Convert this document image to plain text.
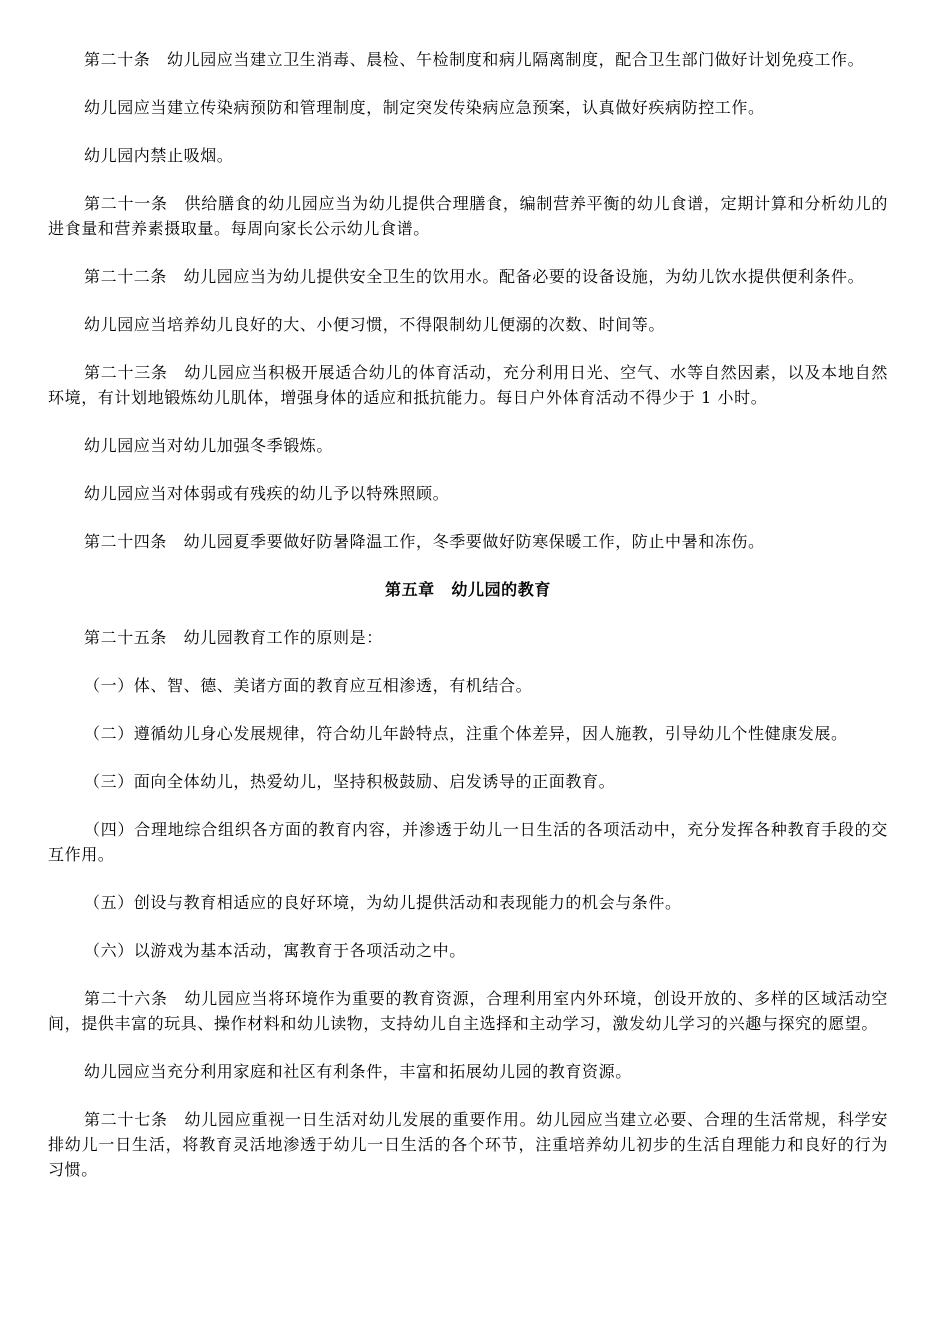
第二十条　幼儿园应当建立卫生消毒、晨检、午检制度和病儿隔离制度，配合卫生部门做好计划免疫工作。

幼儿园应当建立传染病预防和管理制度，制定突发传染病应急预案，认真做好疾病防控工作。

幼儿园内禁止吸烟。

第二十一条　供给膳食的幼儿园应当为幼儿提供合理膳食，编制营养平衡的幼儿食谱，定期计算和分析幼儿的进食量和营养素摄取量。每周向家长公示幼儿食谱。

第二十二条　幼儿园应当为幼儿提供安全卫生的饮用水。配备必要的设备设施，为幼儿饮水提供便利条件。

幼儿园应当培养幼儿良好的大、小便习惯，不得限制幼儿便溺的次数、时间等。

第二十三条　幼儿园应当积极开展适合幼儿的体育活动，充分利用日光、空气、水等自然因素，以及本地自然环境，有计划地锻炼幼儿肌体，增强身体的适应和抵抗能力。每日户外体育活动不得少于 1 小时。

幼儿园应当对幼儿加强冬季锻炼。

幼儿园应当对体弱或有残疾的幼儿予以特殊照顾。

第二十四条　幼儿园夏季要做好防暑降温工作，冬季要做好防寒保暖工作，防止中暑和冻伤。

第五章　幼儿园的教育

第二十五条　幼儿园教育工作的原则是：

（一）体、智、德、美诸方面的教育应互相渗透，有机结合。

（二）遵循幼儿身心发展规律，符合幼儿年龄特点，注重个体差异，因人施教，引导幼儿个性健康发展。

（三）面向全体幼儿，热爱幼儿，坚持积极鼓励、启发诱导的正面教育。

（四）合理地综合组织各方面的教育内容，并渗透于幼儿一日生活的各项活动中，充分发挥各种教育手段的交互作用。

（五）创设与教育相适应的良好环境，为幼儿提供活动和表现能力的机会与条件。

（六）以游戏为基本活动，寓教育于各项活动之中。

第二十六条　幼儿园应当将环境作为重要的教育资源，合理利用室内外环境，创设开放的、多样的区域活动空间，提供丰富的玩具、操作材料和幼儿读物，支持幼儿自主选择和主动学习，激发幼儿学习的兴趣与探究的愿望。

幼儿园应当充分利用家庭和社区有利条件，丰富和拓展幼儿园的教育资源。

第二十七条　幼儿园应重视一日生活对幼儿发展的重要作用。幼儿园应当建立必要、合理的生活常规，科学安排幼儿一日生活，将教育灵活地渗透于幼儿一日生活的各个环节，注重培养幼儿初步的生活自理能力和良好的行为习惯。
